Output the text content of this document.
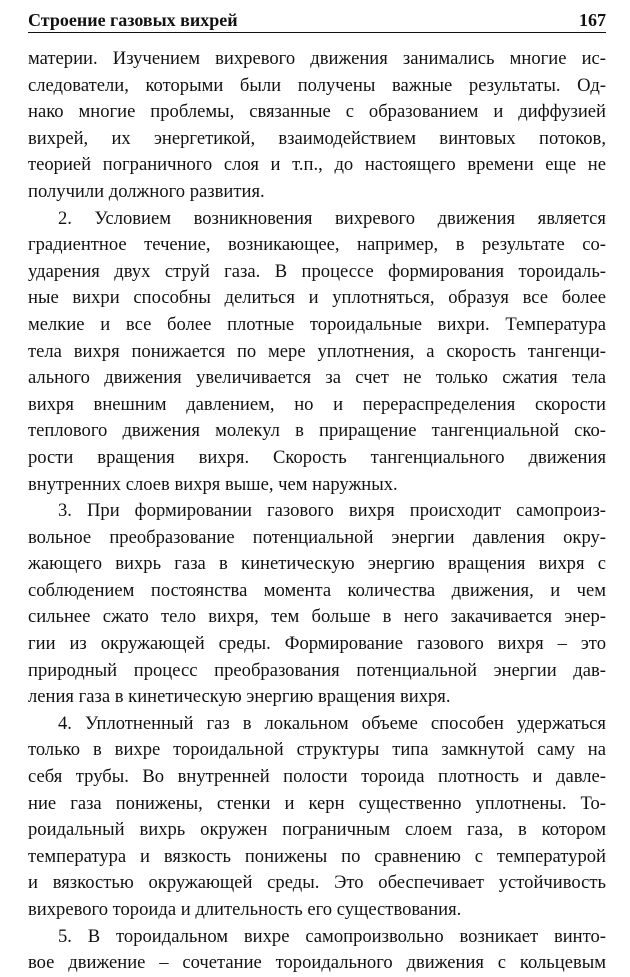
Строение газовых вихрей	167
материи. Изучением вихревого движения занимались многие ис-
следователи, которыми были получены важные результаты. Од-
нако многие проблемы, связанные с образованием и диффузией
вихрей, их энергетикой, взаимодействием винтовых потоков,
теорией пограничного слоя и т.п., до настоящего времени еще не
получили должного развития.
2. Условием возникновения вихревого движения является
градиентное течение, возникающее, например, в результате со-
ударения двух струй газа. В процессе формирования тороидаль-
ные вихри способны делиться и уплотняться, образуя все более
мелкие и все более плотные тороидальные вихри. Температура
тела вихря понижается по мере уплотнения, а скорость тангенци-
ального движения увеличивается за счет не только сжатия тела
вихря внешним давлением, но и перераспределения скорости
теплового движения молекул в приращение тангенциальной ско-
рости вращения вихря. Скорость тангенциального движения
внутренних слоев вихря выше, чем наружных.
3. При формировании газового вихря происходит самопроиз-
вольное преобразование потенциальной энергии давления окру-
жающего вихрь газа в кинетическую энергию вращения вихря с
соблюдением постоянства момента количества движения, и чем
сильнее сжато тело вихря, тем больше в него закачивается энер-
гии из окружающей среды. Формирование газового вихря – это
природный процесс преобразования потенциальной энергии дав-
ления газа в кинетическую энергию вращения вихря.
4. Уплотненный газ в локальном объеме способен удержаться
только в вихре тороидальной структуры типа замкнутой саму на
себя трубы. Во внутренней полости тороида плотность и давле-
ние газа понижены, стенки и керн существенно уплотнены. То-
роидальный вихрь окружен пограничным слоем газа, в котором
температура и вязкость понижены по сравнению с температурой
и вязкостью окружающей среды. Это обеспечивает устойчивость
вихревого тороида и длительность его существования.
5. В тороидальном вихре самопроизвольно возникает винто-
вое движение – сочетание тороидального движения с кольцевым
